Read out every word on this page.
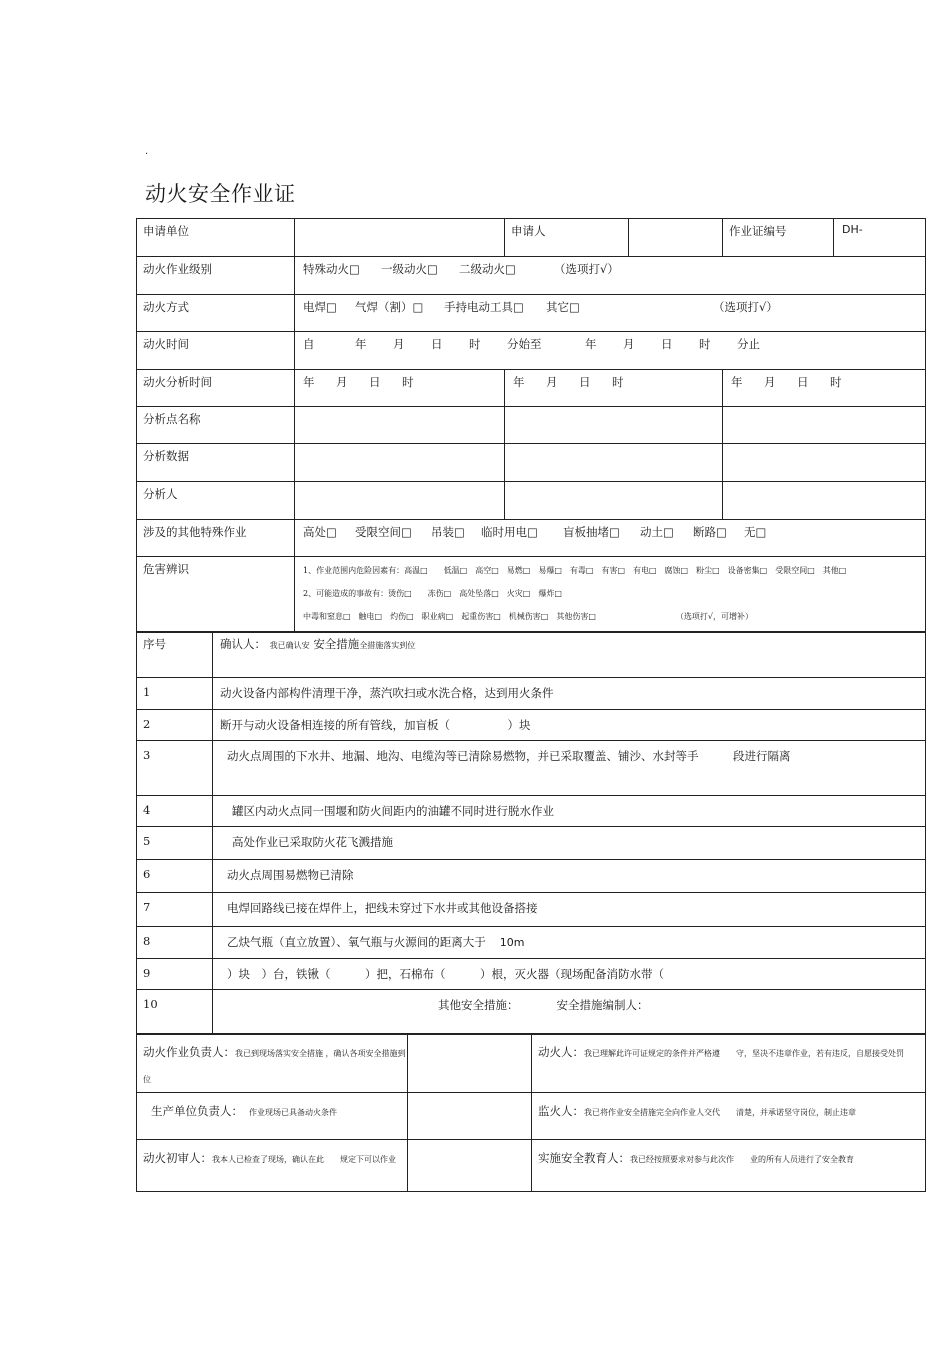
.
动火安全作业证
申请单位		申请人	作业证编号 DH-

动火作业级别	特殊动火□ 一级动火□ 二级动火□ （选项打√）		
动火方式	电焊□ 气焊（割）□ 手持电动工具□ 其它□ （选项打√）		
动火时间	自 年 月 日 时 分始至 年 月 日 时 分止		
动火分析时间	年 月 日 时	年 月 日 时	年 月 日 时
分析点名称			
分析数据			
分析人			
涉及的其他特殊作业	高处□ 受限空间□ 吊装□ 临时用电□ 盲板抽堵□ 动土□ 断路□ 无□		
危害辨识	1、作业范围内危险因素有：高温□　　低温□　高空□　易燃□　易爆□　有毒□　有害□　有电□　腐蚀□　粉尘□　设备密集□　受限空间□　其他□
2、可能造成的事故有：烫伤□　　冻伤□　高处坠落□　火灾□　爆炸□
中毒和窒息□　触电□　灼伤□　职业病□　起重伤害□　机械伤害□　其他伤害□ （选项打√，可增补）		
序号	确认人： 我已确认安 安全措施全措施落实到位
1	动火设备内部构件清理干净，蒸汽吹扫或水洗合格，达到用火条件
2	断开与动火设备相连接的所有管线，加盲板（　　　　　）块
3	动火点周围的下水井、地漏、地沟、电缆沟等已清除易燃物，并已采取覆盖、铺沙、水封等手　　　段进行隔离
4	罐区内动火点同一围堰和防火间距内的油罐不同时进行脱水作业
5	高处作业已采取防火花飞溅措施
6	动火点周围易燃物已清除
7	电焊回路线已接在焊件上，把线未穿过下水井或其他设备搭接
8	乙炔气瓶（直立放置）、氧气瓶与火源间的距离大于 10m
9	）块　）台，铁锹（　　　）把，石棉布（　　　）根，灭火器（现场配备消防水带（
10	其他安全措施： 安全措施编制人：
动火作业负责人：我已到现场落实安全措施 ，确认各项安全措施到位		动火人：我已理解此许可证规定的条件并严格遵　　守，坚决不违章作业，若有违反，自愿接受处罚
生产单位负责人： 作业现场已具备动火条件		监火人：我已将作业安全措施完全向作业人交代　　清楚，并承诺坚守岗位，制止违章
动火初审人：我本人已检查了现场，确认在此　　规定下可以作业		实施安全教育人：我已经按照要求对参与此次作　　业的所有人员进行了安全教育
